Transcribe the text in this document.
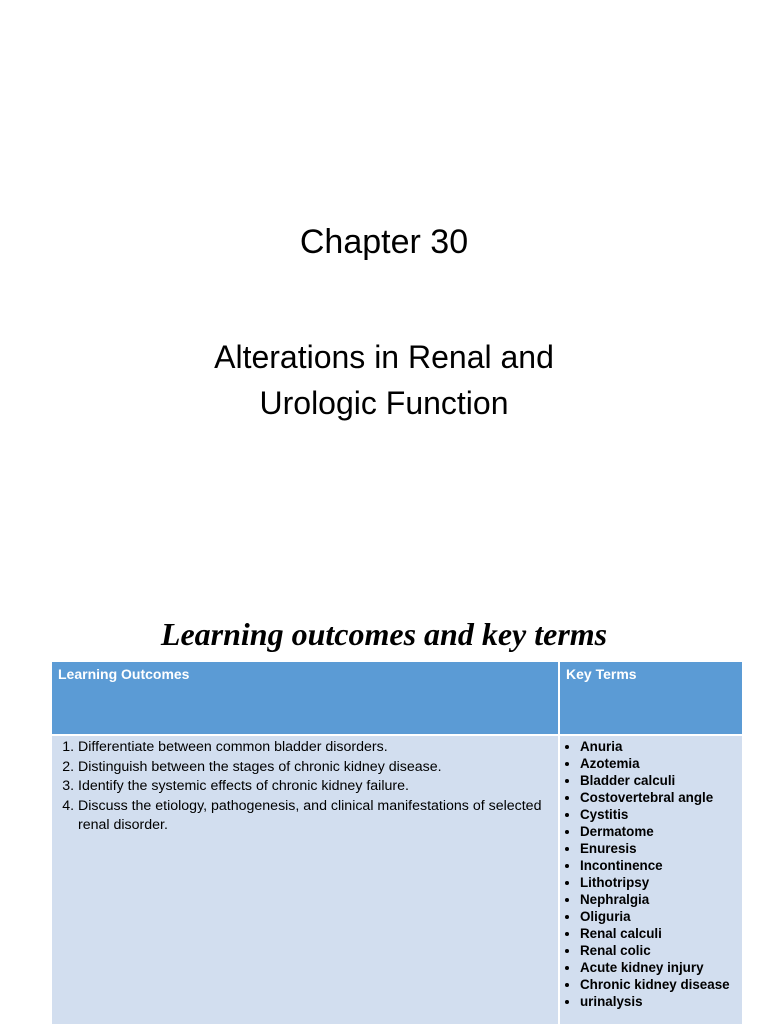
Chapter 30
Alterations in Renal and
Urologic Function
Learning outcomes and key terms
Learning Outcomes	Key Terms
1. Differentiate between common bladder disorders.
2. Distinguish between the stages of chronic kidney disease.
3. Identify the systemic effects of chronic kidney failure.
4. Discuss the etiology, pathogenesis, and clinical manifestations of selected renal disorder.
• Anuria
• Azotemia
• Bladder calculi
• Costovertebral angle
• Cystitis
• Dermatome
• Enuresis
• Incontinence
• Lithotripsy
• Nephralgia
• Oliguria
• Renal calculi
• Renal colic
• Acute kidney injury
• Chronic kidney disease
• urinalysis
